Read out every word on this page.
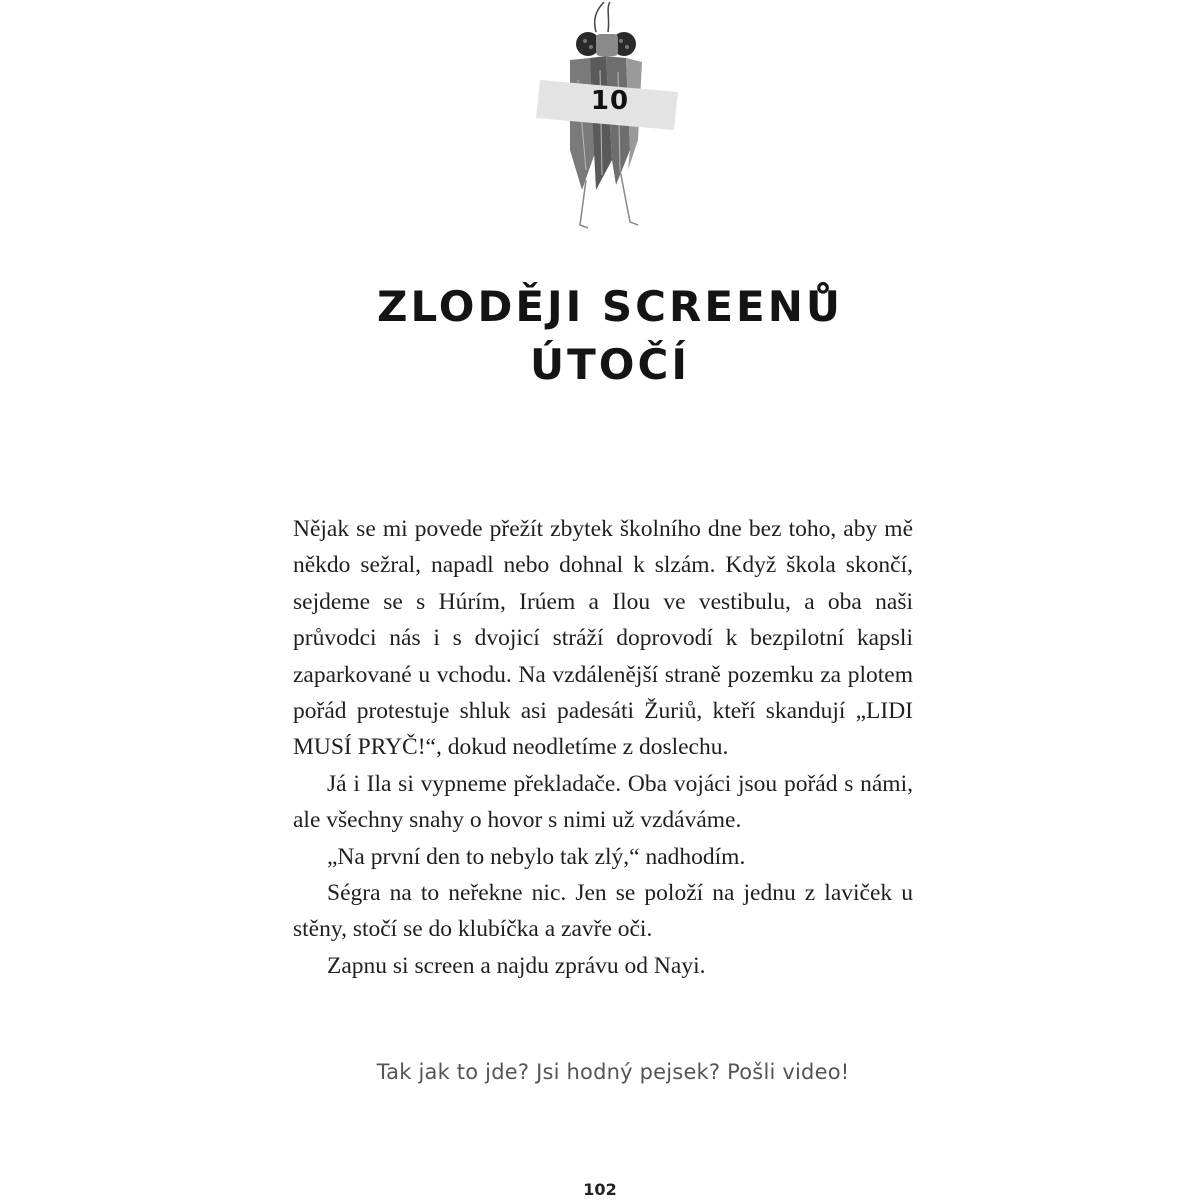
10
ZLODĚJI SCREENŮ
ÚTOČÍ

Nějak se mi povede přežít zbytek školního dne bez toho, aby mě někdo sežral, napadl nebo dohnal k slzám. Když škola skončí, sejdeme se s Húrím, Irúem a Ilou ve vestibulu, a oba naši průvodci nás i s dvojicí stráží doprovodí k bezpilotní kapsli zaparkované u vchodu. Na vzdálenější straně pozemku za plotem pořád protestuje shluk asi padesáti Žuriů, kteří skandují „LIDI MUSÍ PRYČ!“, dokud neodletíme z doslechu.

Já i Ila si vypneme překladače. Oba vojáci jsou pořád s námi, ale všechny snahy o hovor s nimi už vzdáváme.

„Na první den to nebylo tak zlý,“ nadhodím.

Ségra na to neřekne nic. Jen se položí na jednu z laviček u stěny, stočí se do klubíčka a zavře oči.

Zapnu si screen a najdu zprávu od Nayi.

Tak jak to jde? Jsi hodný pejsek? Pošli video!
102
